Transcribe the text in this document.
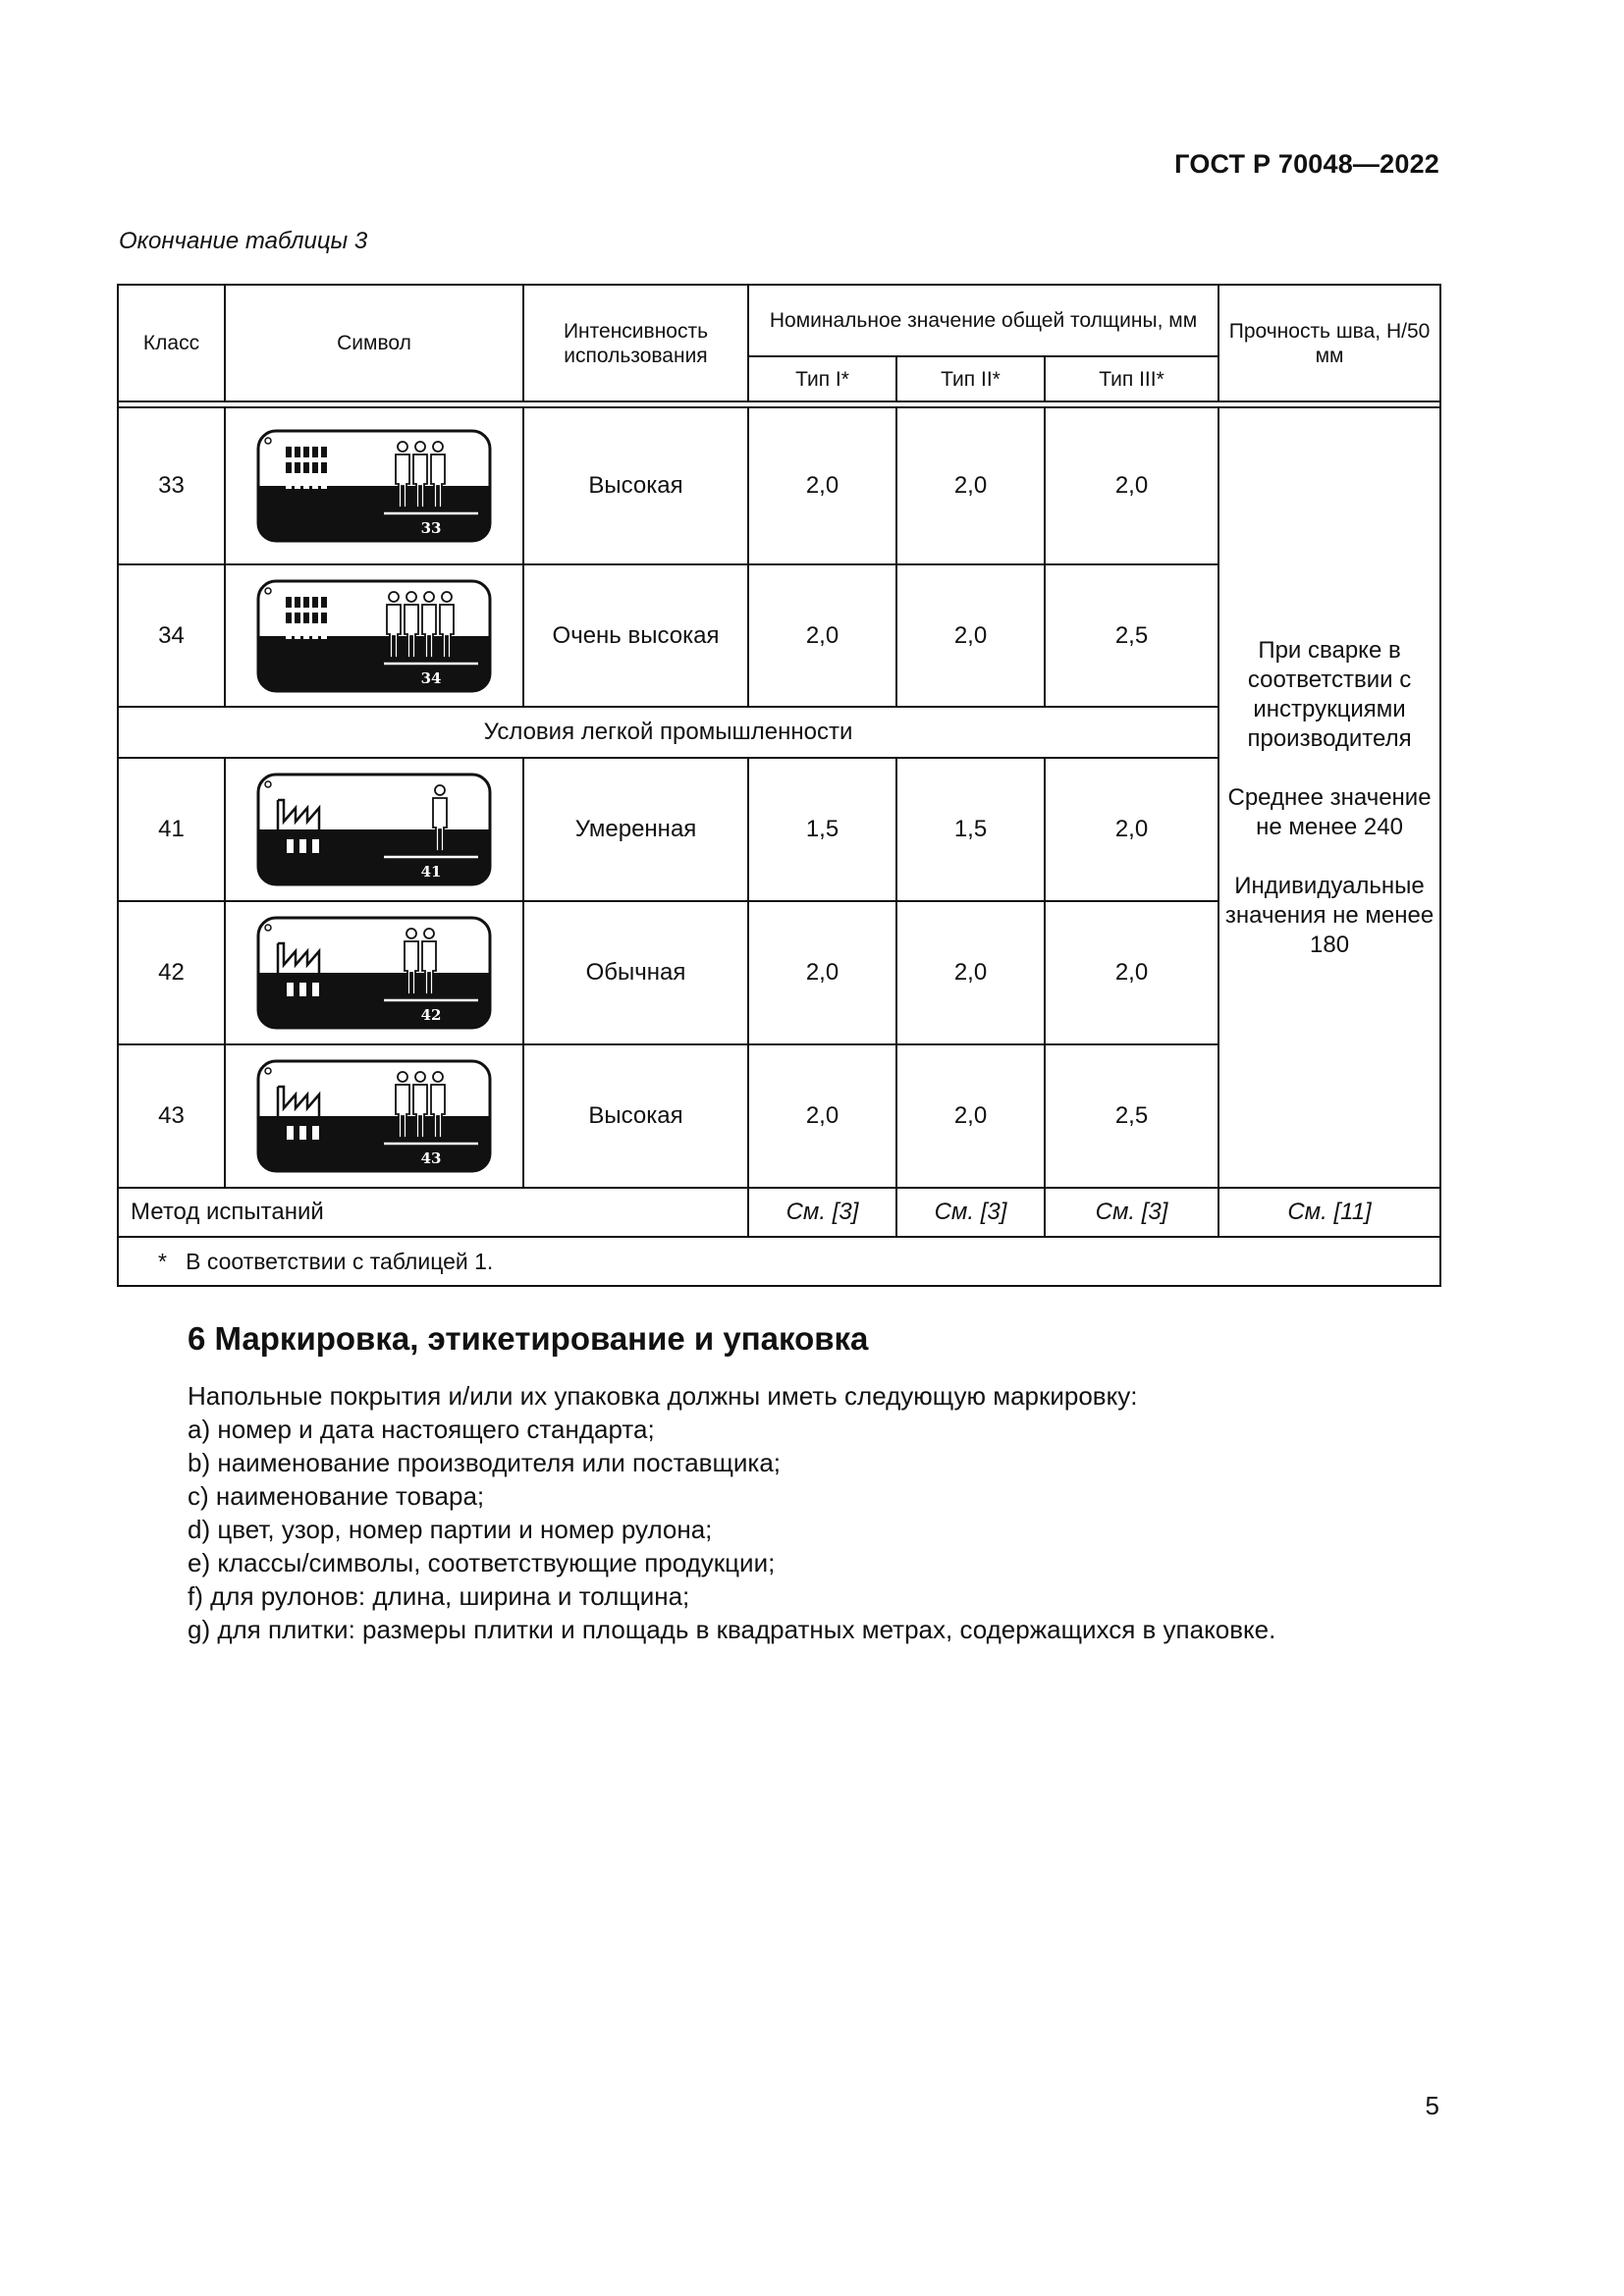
ГОСТ Р 70048—2022
Окончание таблицы 3
Класс	Символ	Интенсивность использования	Номинальное значение общей толщины, мм			Прочность шва, Н/50 мм
			Тип I*	Тип II*	Тип III*	

33	33	Высокая	2,0	2,0	2,0	При сварке в соответствии с инструкциями производителя

Среднее значение не менее 240

Индивидуальные значения не менее 180

34	34	Очень высокая	2,0	2,0	2,5	
Условия легкой промышленности						
41	41	Умеренная	1,5	1,5	2,0	
42	42	Обычная	2,0	2,0	2,0	
43	43	Высокая	2,0	2,0	2,5	
Метод испытаний			См. [3]	См. [3]	См. [3]	См. [11]
* В соответствии с таблицей 1.						
6 Маркировка, этикетирование и упаковка
Напольные покрытия и/или их упаковка должны иметь следующую маркировку:
a) номер и дата настоящего стандарта;
b) наименование производителя или поставщика;
c) наименование товара;
d) цвет, узор, номер партии и номер рулона;
e) классы/символы, соответствующие продукции;
f) для рулонов: длина, ширина и толщина;
g) для плитки: размеры плитки и площадь в квадратных метрах, содержащихся в упаковке.
5
